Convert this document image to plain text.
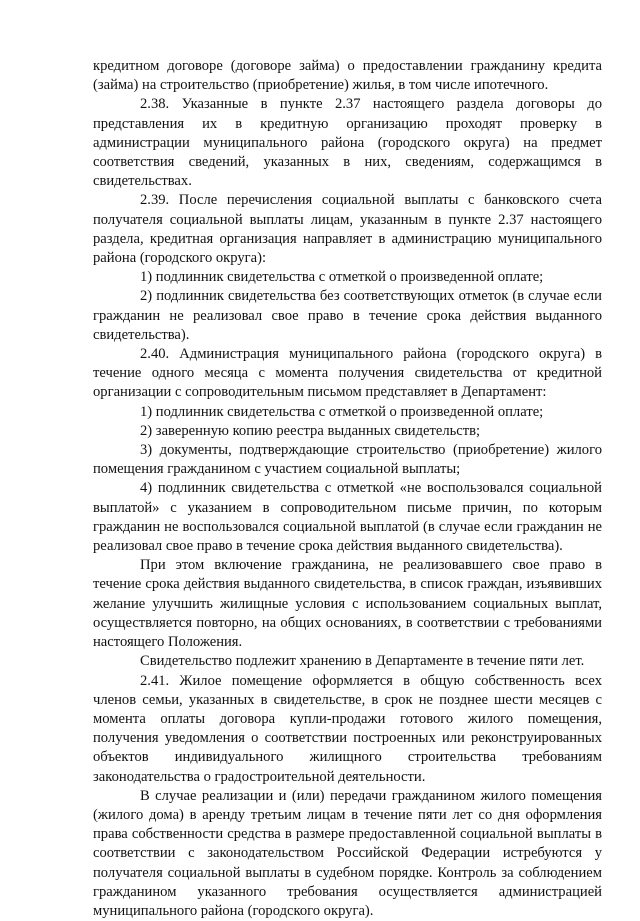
кредитном договоре (договоре займа) о предоставлении гражданину кредита (займа) на строительство (приобретение) жилья, в том числе ипотечного.

2.38. Указанные в пункте 2.37 настоящего раздела договоры до представления их в кредитную организацию проходят проверку в администрации муниципального района (городского округа) на предмет соответствия сведений, указанных в них, сведениям, содержащимся в свидетельствах.

2.39. После перечисления социальной выплаты с банковского счета получателя социальной выплаты лицам, указанным в пункте 2.37 настоящего раздела, кредитная организация направляет в администрацию муниципального района (городского округа):

1) подлинник свидетельства с отметкой о произведенной оплате;

2) подлинник свидетельства без соответствующих отметок (в случае если гражданин не реализовал свое право в течение срока действия выданного свидетельства).

2.40. Администрация муниципального района (городского округа) в течение одного месяца с момента получения свидетельства от кредитной организации с сопроводительным письмом представляет в Департамент:

1) подлинник свидетельства с отметкой о произведенной оплате;

2) заверенную копию реестра выданных свидетельств;

3) документы, подтверждающие строительство (приобретение) жилого помещения гражданином с участием социальной выплаты;

4) подлинник свидетельства с отметкой «не воспользовался социальной выплатой» с указанием в сопроводительном письме причин, по которым гражданин не воспользовался социальной выплатой (в случае если гражданин не реализовал свое право в течение срока действия выданного свидетельства).

При этом включение гражданина, не реализовавшего свое право в течение срока действия выданного свидетельства, в список граждан, изъявивших желание улучшить жилищные условия с использованием социальных выплат, осуществляется повторно, на общих основаниях, в соответствии с требованиями настоящего Положения.

Свидетельство подлежит хранению в Департаменте в течение пяти лет.

2.41. Жилое помещение оформляется в общую собственность всех членов семьи, указанных в свидетельстве, в срок не позднее шести месяцев с момента оплаты договора купли-продажи готового жилого помещения, получения уведомления о соответствии построенных или реконструированных объектов индивидуального жилищного строительства требованиям законодательства о градостроительной деятельности.

В случае реализации и (или) передачи гражданином жилого помещения (жилого дома) в аренду третьим лицам в течение пяти лет со дня оформления права собственности средства в размере предоставленной социальной выплаты в соответствии с законодательством Российской Федерации истребуются у получателя социальной выплаты в судебном порядке. Контроль за соблюдением гражданином указанного требования осуществляется администрацией муниципального района (городского округа).
